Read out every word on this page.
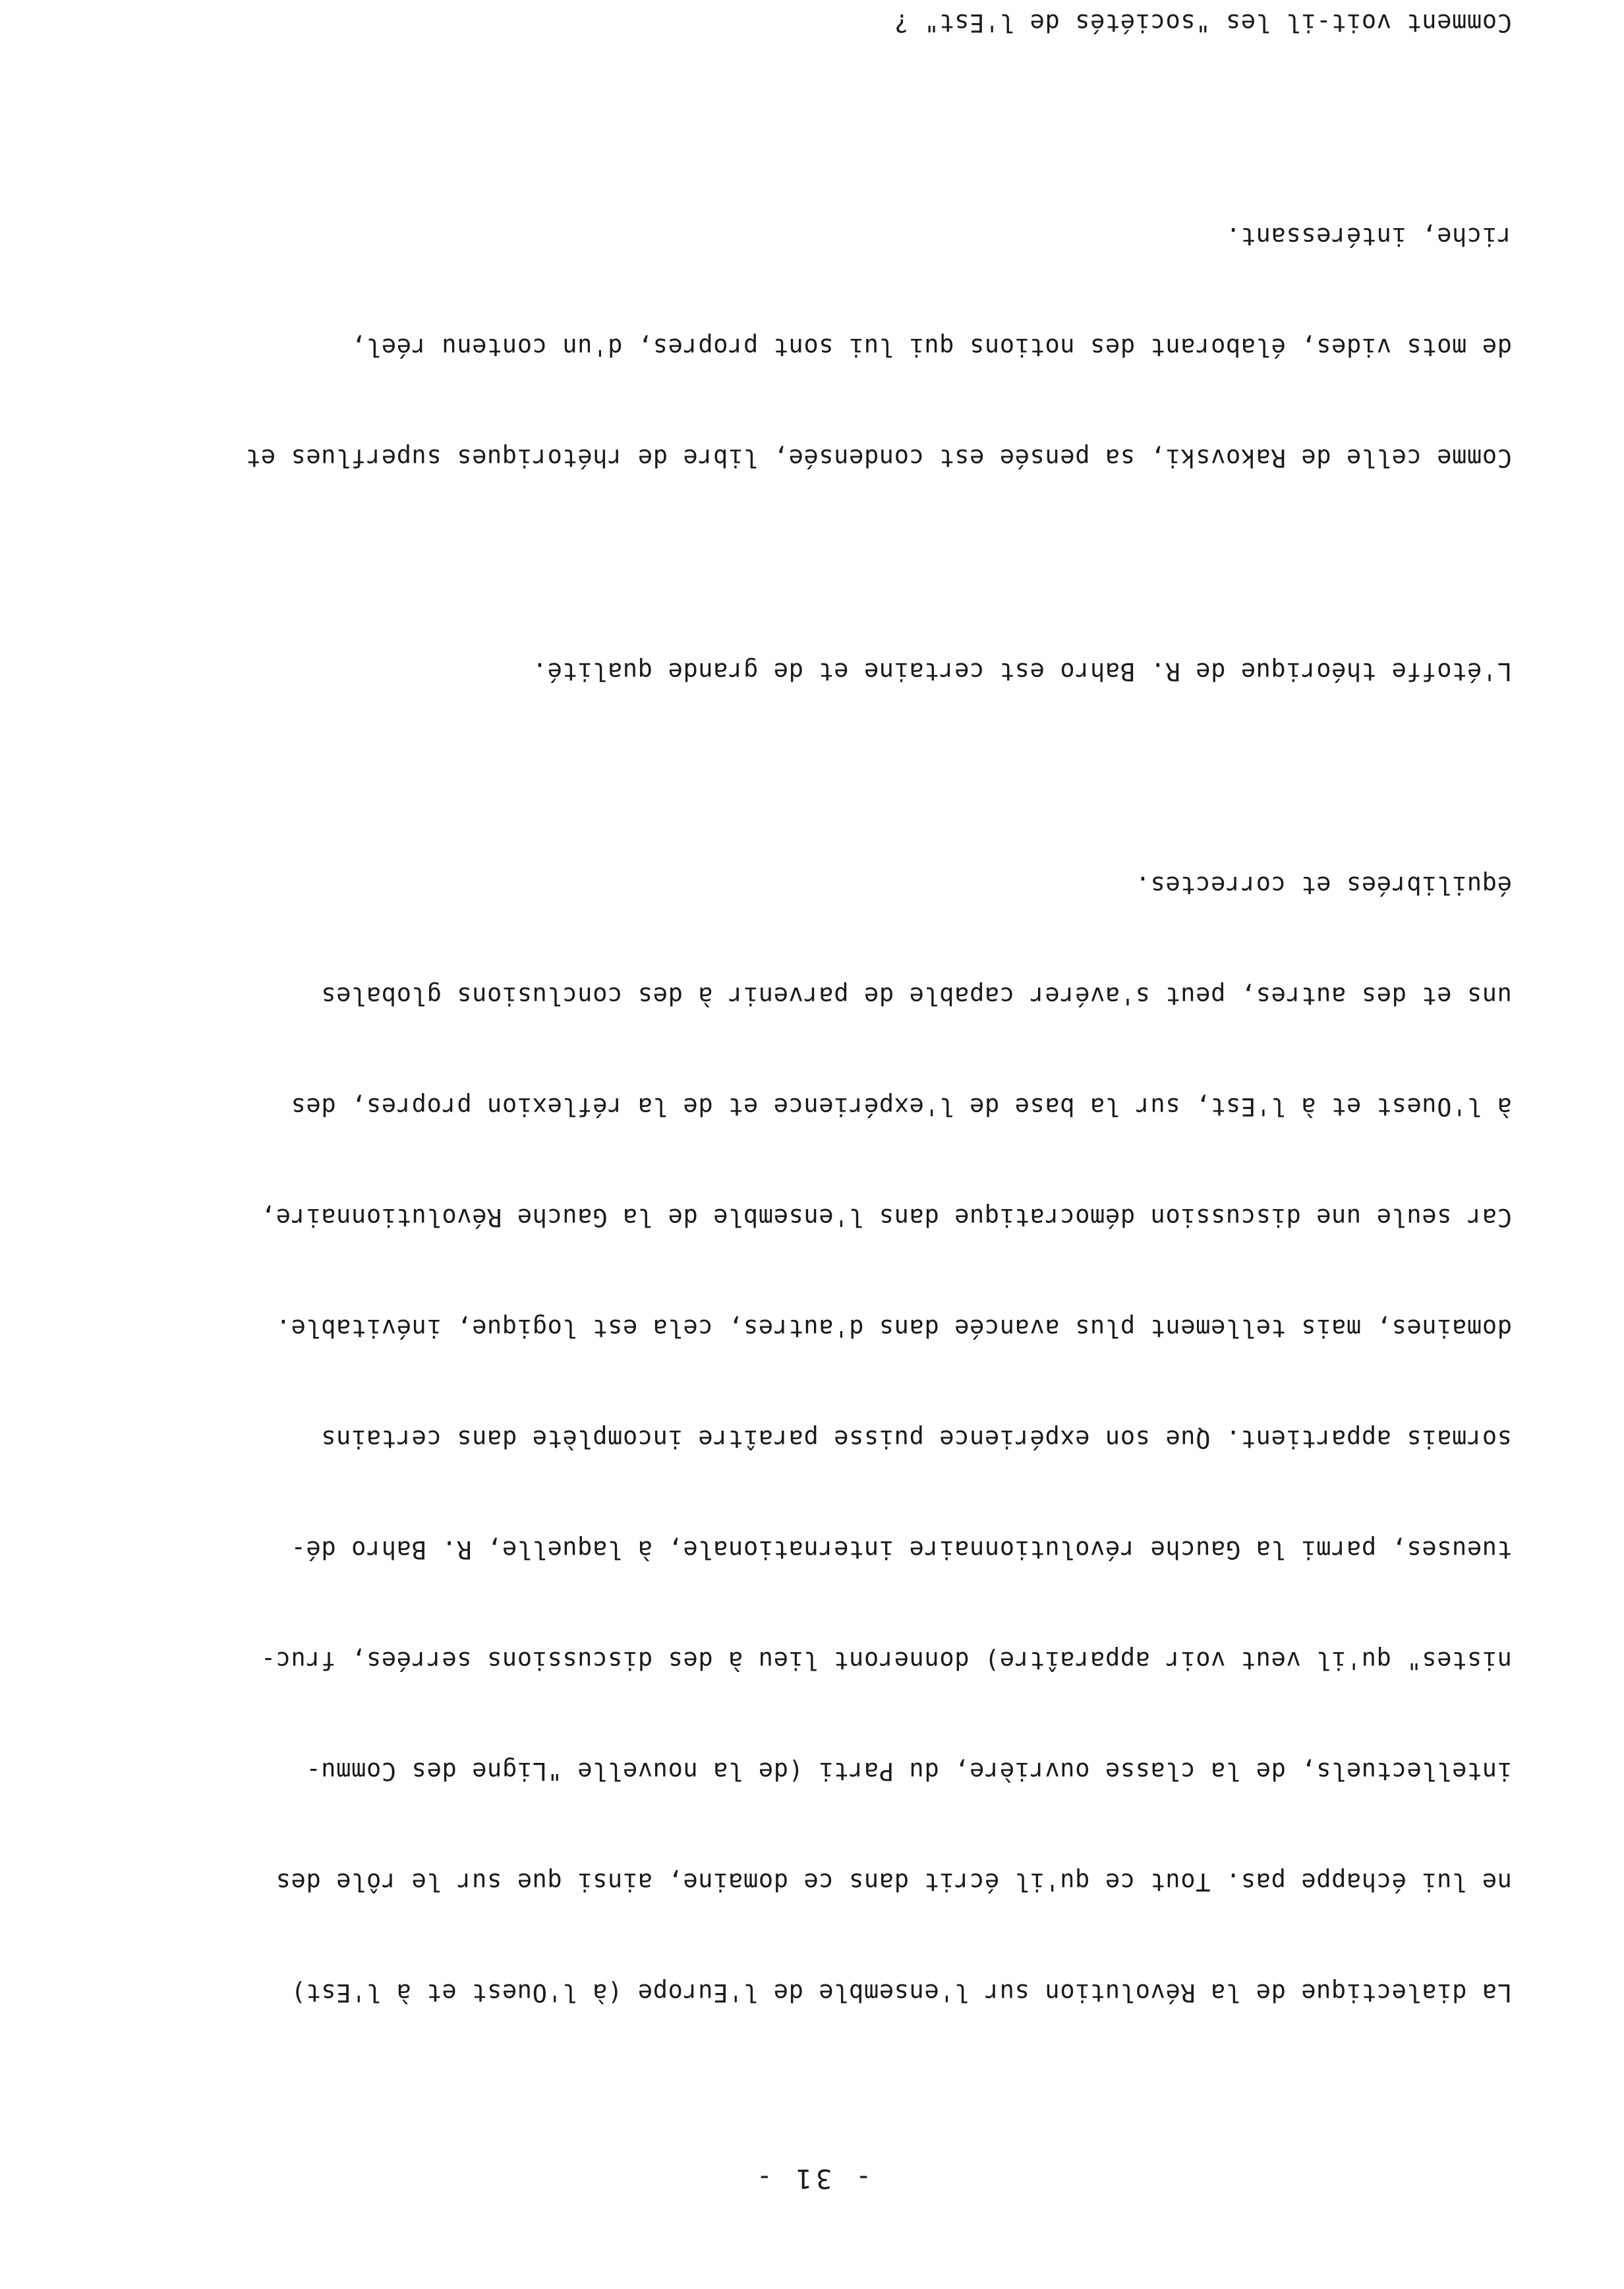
- 31 -

La dialectique de la Révolution sur l'ensemble de l'Europe (à l'Ouest et à l'Est)

ne lui échappe pas. Tout ce qu'il écrit dans ce domaine, ainsi que sur le rôle des

intellectuels, de la classe ouvrière, du Parti (de la nouvelle "Ligne des Commu-

nistes" qu'il veut voir apparaître) donneront lieu à des discussions serrées, fruc-

tueuses, parmi la Gauche révolutionnaire internationale, à laquelle, R. Bahro dé-

sormais appartient. Que son expérience puisse paraître incomplète dans certains

domaines, mais tellement plus avancée dans d'autres, cela est logique, inévitable.

Car seule une discussion démocratique dans l'ensemble de la Gauche Révolutionnaire,

à l'Ouest et à l'Est, sur la base de l'expérience et de la réflexion propres, des

uns et des autres, peut s'avérer capable de parvenir à des conclusions globales

équilibrées et correctes.

L'étoffe théorique de R. Bahro est certaine et de grande qualité.

Comme celle de Rakovski, sa pensée est condensée, libre de rhétoriques superflues et

de mots vides, élaborant des notions qui lui sont propres, d'un contenu réel,

riche, intéressant.

Comment voit-il les "sociétés de l'Est" ?
